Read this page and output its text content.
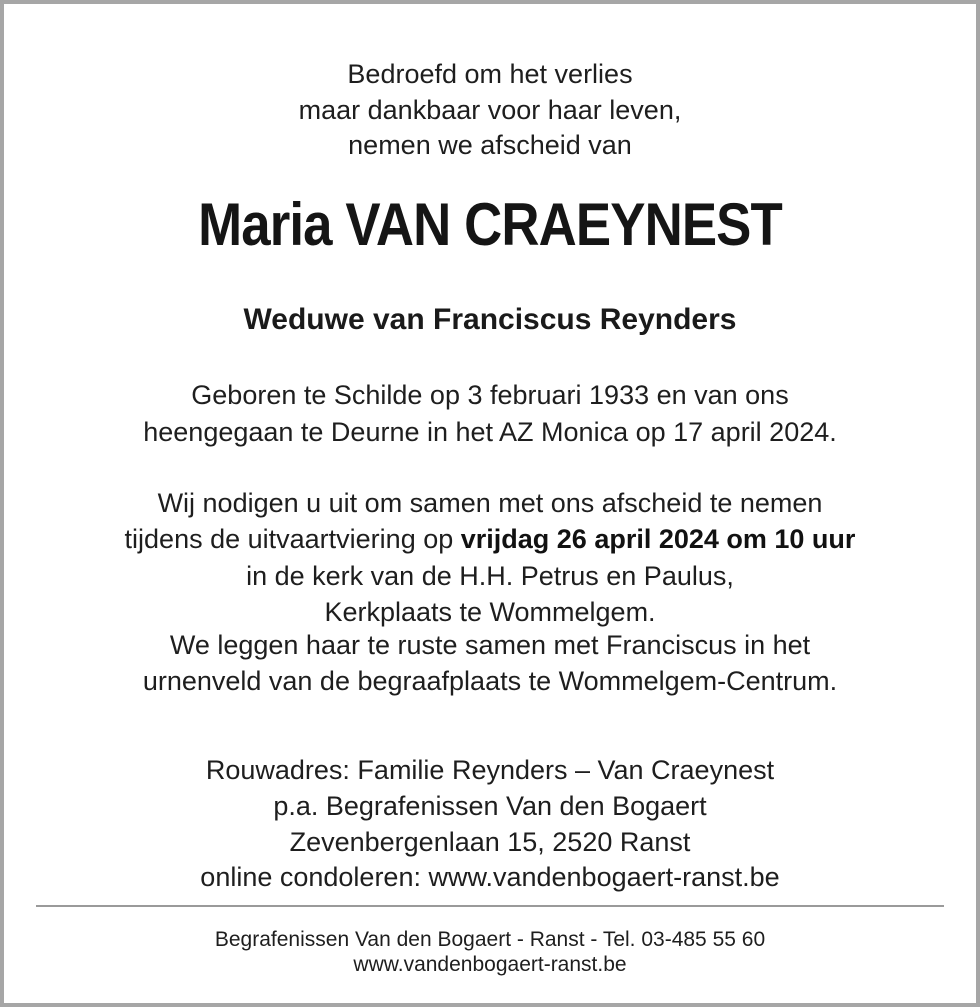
Bedroefd om het verlies
maar dankbaar voor haar leven,
nemen we afscheid van
Maria VAN CRAEYNEST
Weduwe van Franciscus Reynders
Geboren te Schilde op 3 februari 1933 en van ons
heengegaan te Deurne in het AZ Monica op 17 april 2024.
Wij nodigen u uit om samen met ons afscheid te nemen
tijdens de uitvaartviering op vrijdag 26 april 2024 om 10 uur
in de kerk van de H.H. Petrus en Paulus,
Kerkplaats te Wommelgem.
We leggen haar te ruste samen met Franciscus in het
urnenveld van de begraafplaats te Wommelgem-Centrum.
Rouwadres: Familie Reynders – Van Craeynest
p.a. Begrafenissen Van den Bogaert
Zevenbergenlaan 15, 2520 Ranst
online condoleren: www.vandenbogaert-ranst.be
Begrafenissen Van den Bogaert - Ranst - Tel. 03-485 55 60
www.vandenbogaert-ranst.be
